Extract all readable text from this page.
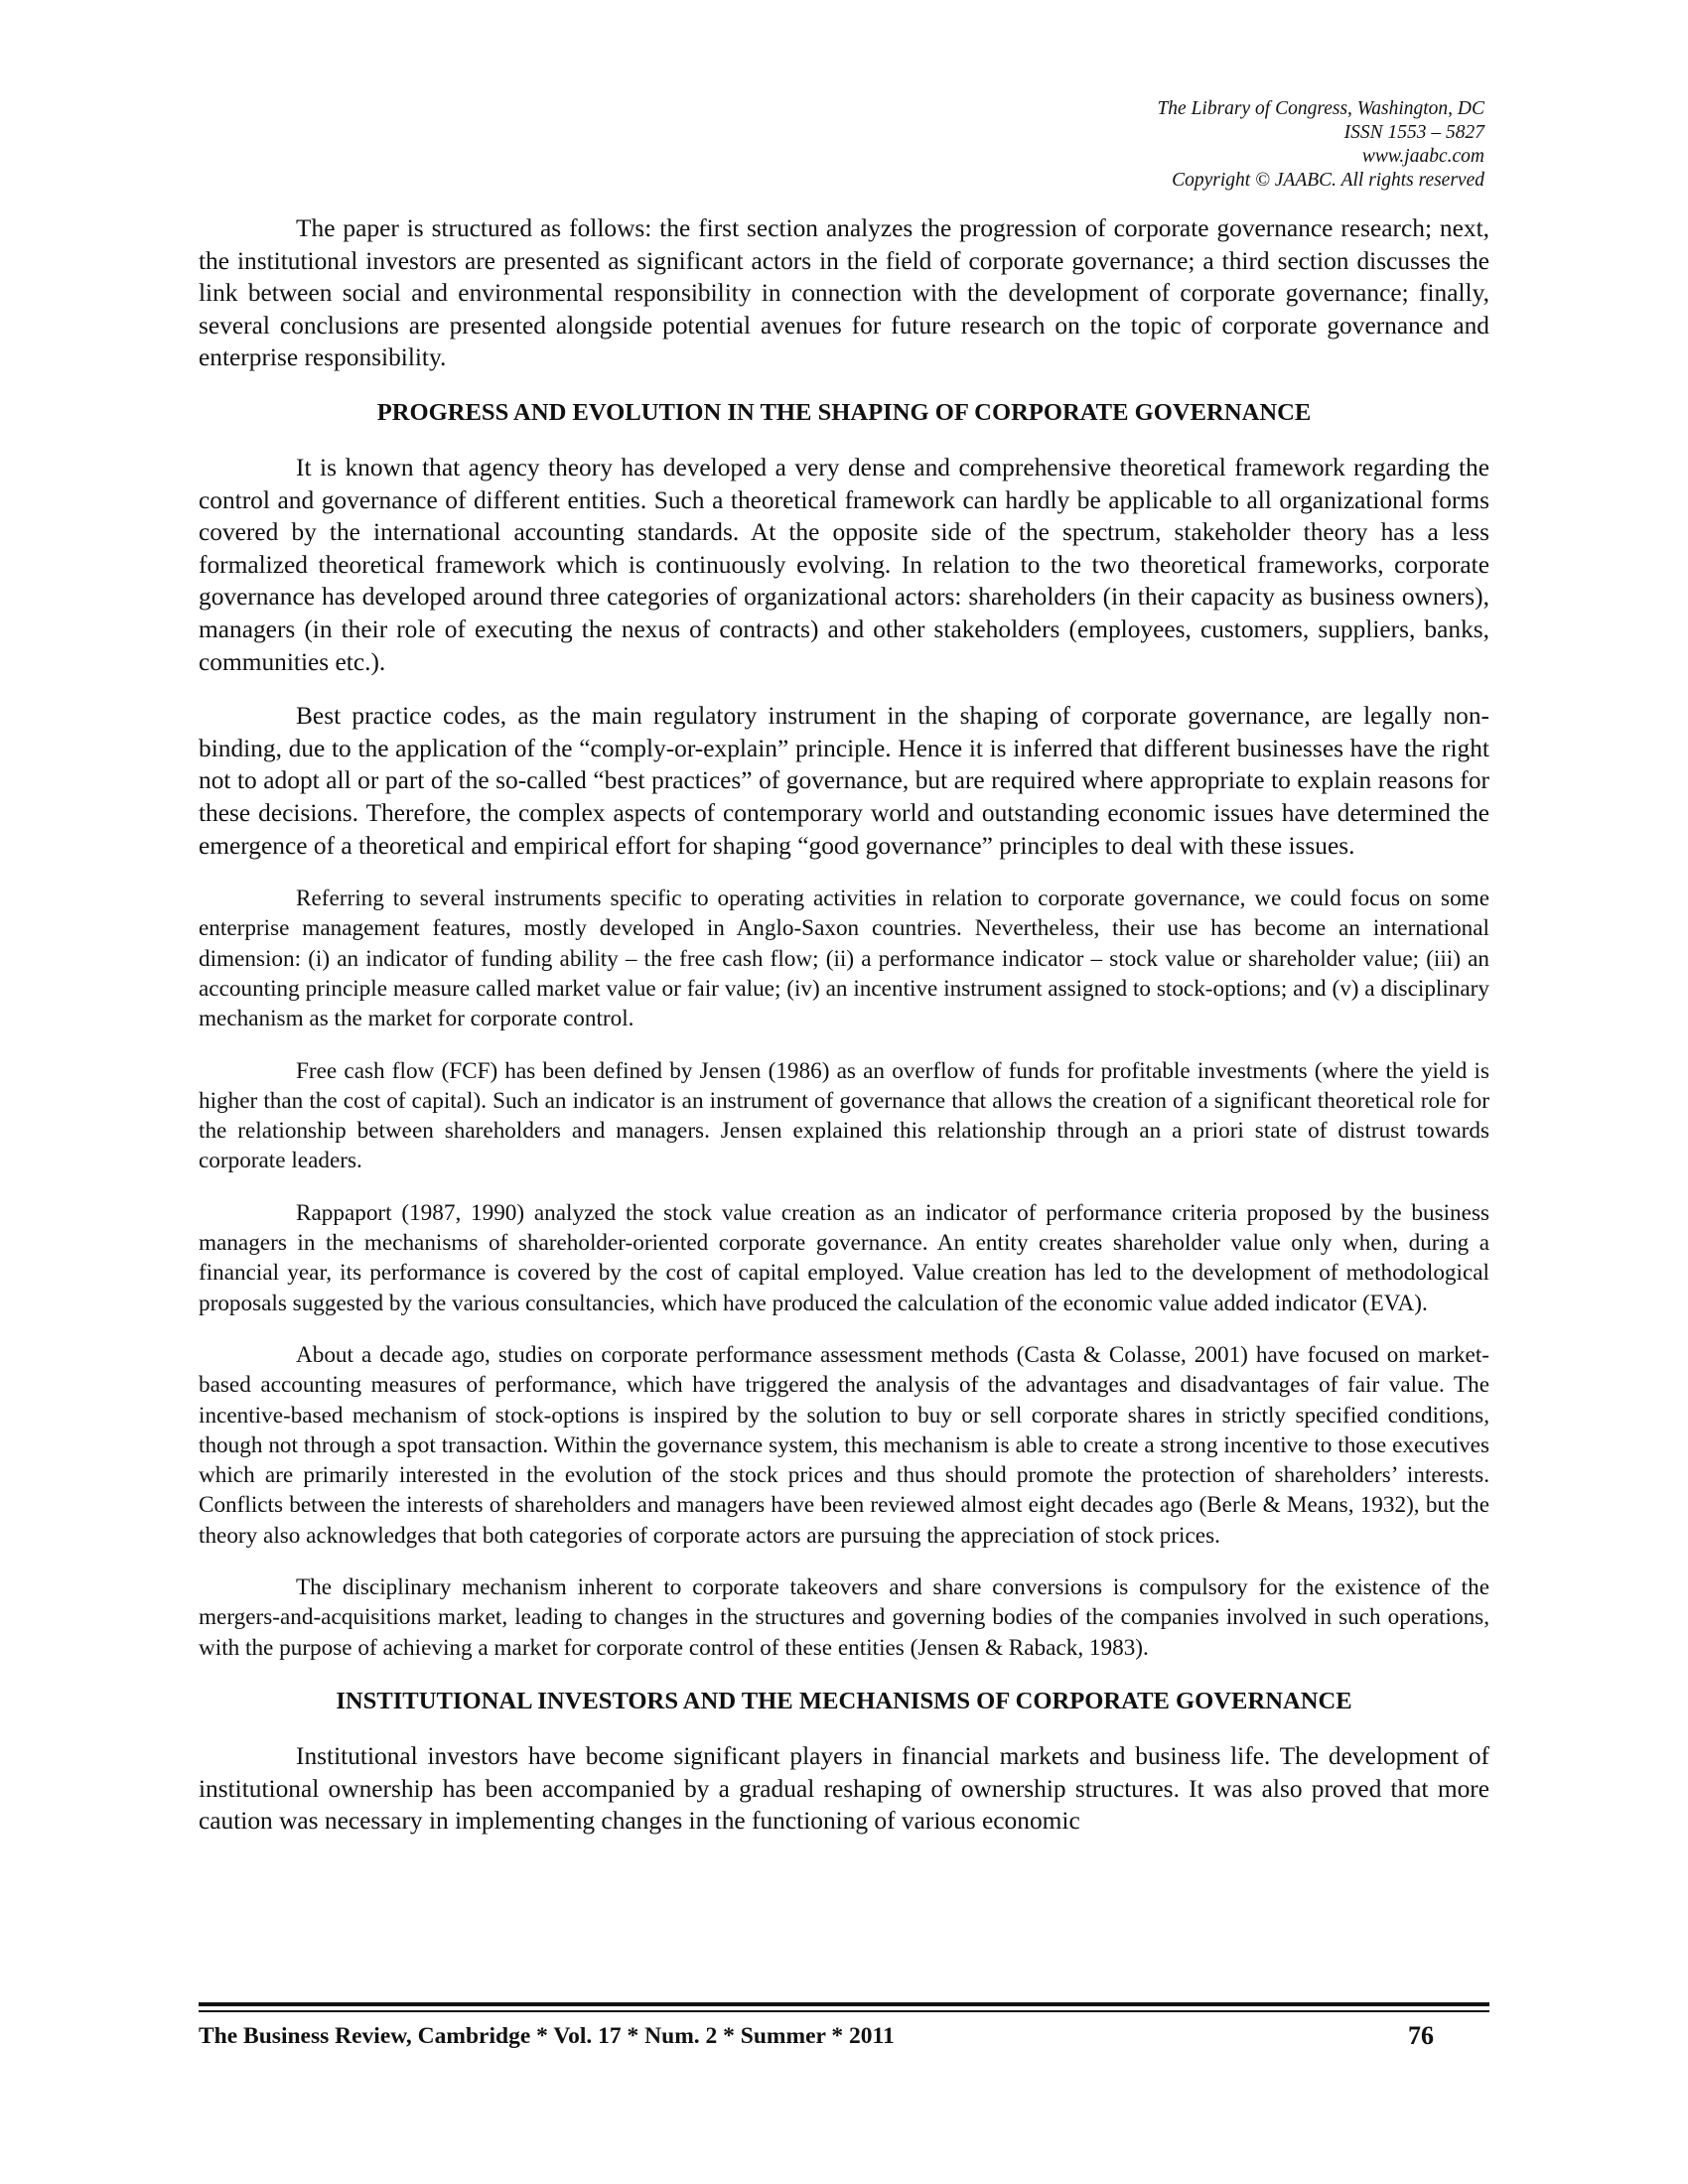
The Library of Congress, Washington, DC
ISSN 1553 – 5827
www.jaabc.com
Copyright © JAABC. All rights reserved

The paper is structured as follows: the first section analyzes the progression of corporate governance research; next, the institutional investors are presented as significant actors in the field of corporate governance; a third section discusses the link between social and environmental responsibility in connection with the development of corporate governance; finally, several conclusions are presented alongside potential avenues for future research on the topic of corporate governance and enterprise responsibility.

PROGRESS AND EVOLUTION IN THE SHAPING OF CORPORATE GOVERNANCE

It is known that agency theory has developed a very dense and comprehensive theoretical framework regarding the control and governance of different entities. Such a theoretical framework can hardly be applicable to all organizational forms covered by the international accounting standards. At the opposite side of the spectrum, stakeholder theory has a less formalized theoretical framework which is continuously evolving. In relation to the two theoretical frameworks, corporate governance has developed around three categories of organizational actors: shareholders (in their capacity as business owners), managers (in their role of executing the nexus of contracts) and other stakeholders (employees, customers, suppliers, banks, communities etc.).

Best practice codes, as the main regulatory instrument in the shaping of corporate governance, are legally non-binding, due to the application of the “comply-or-explain” principle. Hence it is inferred that different businesses have the right not to adopt all or part of the so-called “best practices” of governance, but are required where appropriate to explain reasons for these decisions. Therefore, the complex aspects of contemporary world and outstanding economic issues have determined the emergence of a theoretical and empirical effort for shaping “good governance” principles to deal with these issues.

Referring to several instruments specific to operating activities in relation to corporate governance, we could focus on some enterprise management features, mostly developed in Anglo-Saxon countries. Nevertheless, their use has become an international dimension: (i) an indicator of funding ability – the free cash flow; (ii) a performance indicator – stock value or shareholder value; (iii) an accounting principle measure called market value or fair value; (iv) an incentive instrument assigned to stock-options; and (v) a disciplinary mechanism as the market for corporate control.

Free cash flow (FCF) has been defined by Jensen (1986) as an overflow of funds for profitable investments (where the yield is higher than the cost of capital). Such an indicator is an instrument of governance that allows the creation of a significant theoretical role for the relationship between shareholders and managers. Jensen explained this relationship through an a priori state of distrust towards corporate leaders.

Rappaport (1987, 1990) analyzed the stock value creation as an indicator of performance criteria proposed by the business managers in the mechanisms of shareholder-oriented corporate governance. An entity creates shareholder value only when, during a financial year, its performance is covered by the cost of capital employed. Value creation has led to the development of methodological proposals suggested by the various consultancies, which have produced the calculation of the economic value added indicator (EVA).

About a decade ago, studies on corporate performance assessment methods (Casta & Colasse, 2001) have focused on market-based accounting measures of performance, which have triggered the analysis of the advantages and disadvantages of fair value. The incentive-based mechanism of stock-options is inspired by the solution to buy or sell corporate shares in strictly specified conditions, though not through a spot transaction. Within the governance system, this mechanism is able to create a strong incentive to those executives which are primarily interested in the evolution of the stock prices and thus should promote the protection of shareholders’ interests. Conflicts between the interests of shareholders and managers have been reviewed almost eight decades ago (Berle & Means, 1932), but the theory also acknowledges that both categories of corporate actors are pursuing the appreciation of stock prices.

The disciplinary mechanism inherent to corporate takeovers and share conversions is compulsory for the existence of the mergers-and-acquisitions market, leading to changes in the structures and governing bodies of the companies involved in such operations, with the purpose of achieving a market for corporate control of these entities (Jensen & Raback, 1983).

INSTITUTIONAL INVESTORS AND THE MECHANISMS OF CORPORATE GOVERNANCE

Institutional investors have become significant players in financial markets and business life. The development of institutional ownership has been accompanied by a gradual reshaping of ownership structures. It was also proved that more caution was necessary in implementing changes in the functioning of various economic

The Business Review, Cambridge * Vol. 17 * Num. 2 * Summer * 2011	76
